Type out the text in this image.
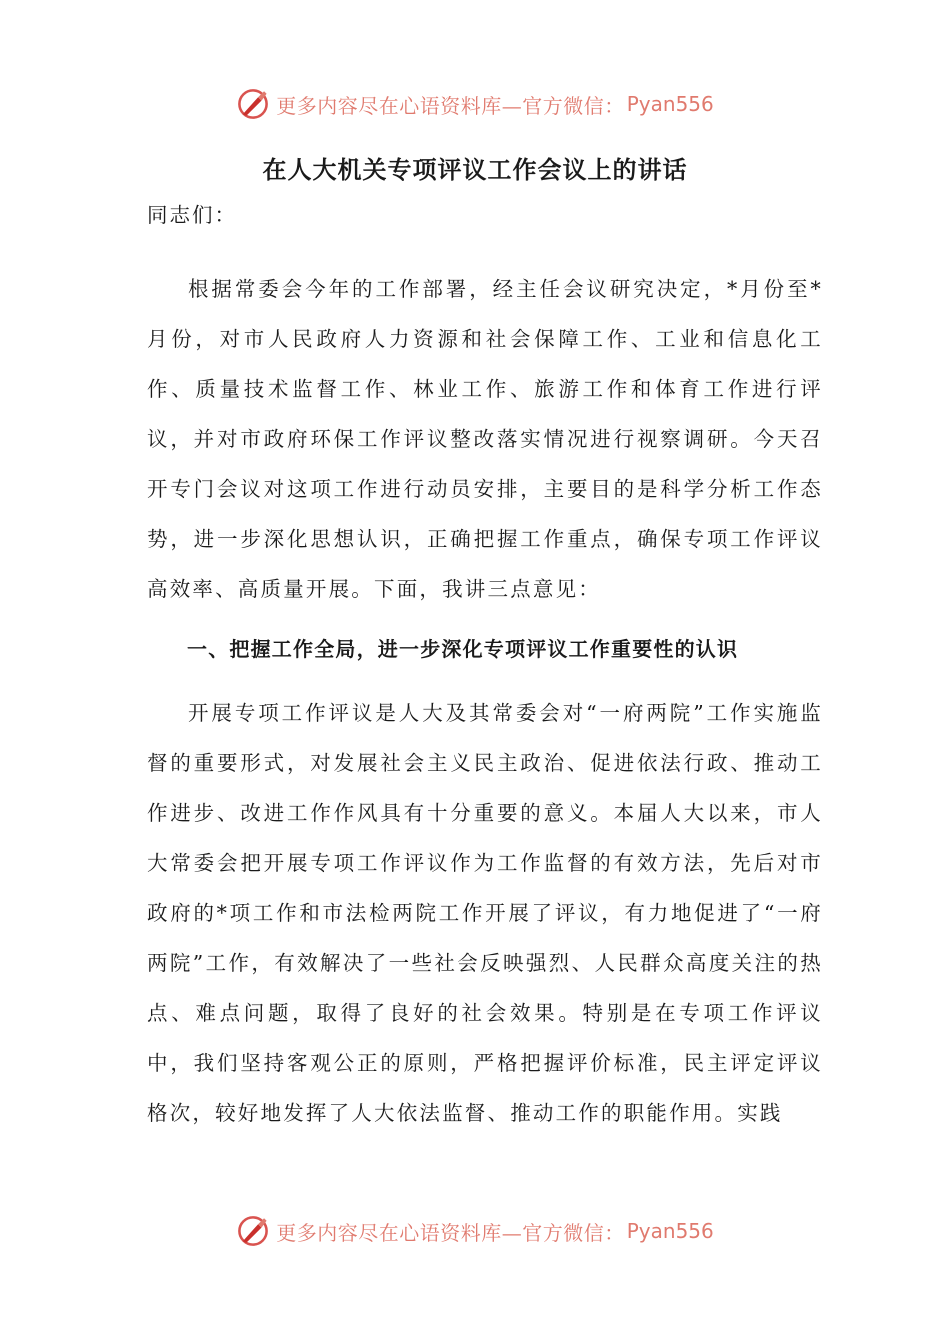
更多内容尽在心语资料库—官方微信： Pyan556
在人大机关专项评议工作会议上的讲话

同志们：

根据常委会今年的工作部署，经主任会议研究决定，*月份至*月份，对市人民政府人力资源和社会保障工作、工业和信息化工作、质量技术监督工作、林业工作、旅游工作和体育工作进行评议，并对市政府环保工作评议整改落实情况进行视察调研。今天召开专门会议对这项工作进行动员安排，主要目的是科学分析工作态势，进一步深化思想认识，正确把握工作重点，确保专项工作评议高效率、高质量开展。下面，我讲三点意见：

一、把握工作全局，进一步深化专项评议工作重要性的认识

开展专项工作评议是人大及其常委会对“一府两院”工作实施监督的重要形式，对发展社会主义民主政治、促进依法行政、推动工作进步、改进工作作风具有十分重要的意义。本届人大以来，市人大常委会把开展专项工作评议作为工作监督的有效方法，先后对市政府的*项工作和市法检两院工作开展了评议，有力地促进了“一府两院”工作，有效解决了一些社会反映强烈、人民群众高度关注的热点、难点问题，取得了良好的社会效果。特别是在专项工作评议中，我们坚持客观公正的原则，严格把握评价标准，民主评定评议格次，较好地发挥了人大依法监督、推动工作的职能作用。实践

更多内容尽在心语资料库—官方微信： Pyan556
